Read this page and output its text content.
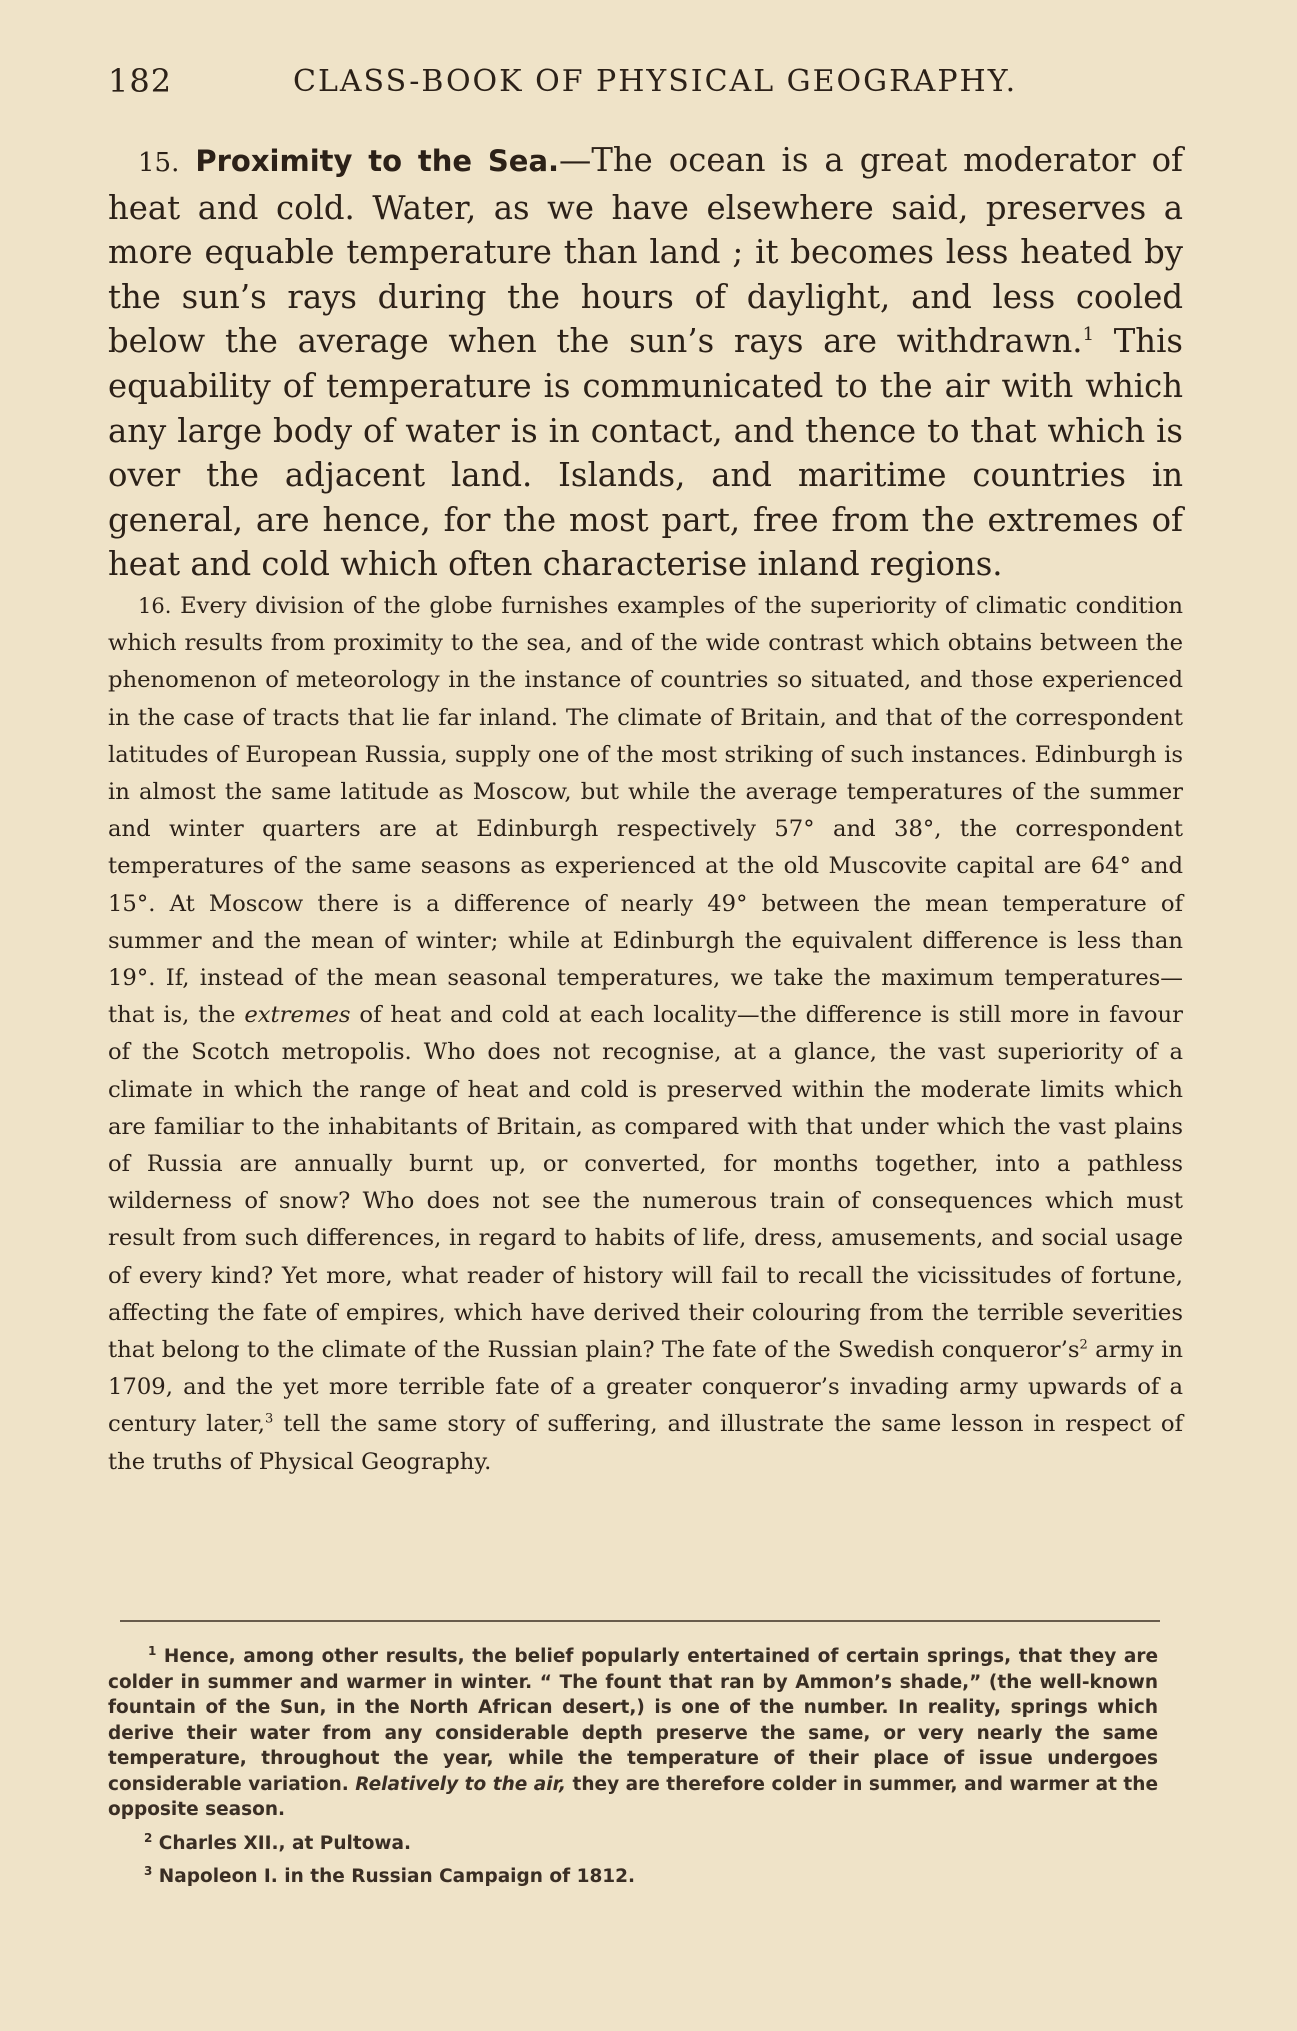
182	CLASS-BOOK OF PHYSICAL GEOGRAPHY.

15. Proximity to the Sea.—The ocean is a great moderator of heat and cold. Water, as we have elsewhere said, preserves a more equable temperature than land ; it becomes less heated by the sun’s rays during the hours of daylight, and less cooled below the average when the sun’s rays are withdrawn.$^1$ This equability of temperature is communicated to the air with which any large body of water is in contact, and thence to that which is over the adjacent land. Islands, and maritime countries in general, are hence, for the most part, free from the extremes of heat and cold which often characterise inland regions.

16. Every division of the globe furnishes examples of the superiority of climatic condition which results from proximity to the sea, and of the wide contrast which obtains between the phenomenon of meteorology in the instance of countries so situated, and those experienced in the case of tracts that lie far inland. The climate of Britain, and that of the correspondent latitudes of European Russia, supply one of the most striking of such instances. Edinburgh is in almost the same latitude as Moscow, but while the average temperatures of the summer and winter quarters are at Edinburgh respectively 57° and 38°, the correspondent temperatures of the same seasons as experienced at the old Muscovite capital are 64° and 15°. At Moscow there is a difference of nearly 49° between the mean temperature of summer and the mean of winter; while at Edinburgh the equivalent difference is less than 19°. If, instead of the mean seasonal temperatures, we take the maximum temperatures—that is, the extremes of heat and cold at each locality—the difference is still more in favour of the Scotch metropolis. Who does not recognise, at a glance, the vast superiority of a climate in which the range of heat and cold is preserved within the moderate limits which are familiar to the inhabitants of Britain, as compared with that under which the vast plains of Russia are annually burnt up, or converted, for months together, into a pathless wilderness of snow? Who does not see the numerous train of consequences which must result from such differences, in regard to habits of life, dress, amusements, and social usage of every kind? Yet more, what reader of history will fail to recall the vicissitudes of fortune, affecting the fate of empires, which have derived their colouring from the terrible severities that belong to the climate of the Russian plain? The fate of the Swedish $conqueror’s^2$ army in 1709, and the yet more terrible fate of a greater conqueror’s invading army upwards of a century later,$^3$ tell the same story of suffering, and illustrate the same lesson in respect of the truths of Physical Geography.

$^1$ Hence, among other results, the belief popularly entertained of certain springs, that they are colder in summer and warmer in winter. “ The fount that ran by Ammon’s shade,” (the well-known fountain of the Sun, in the North African desert,) is one of the number. In reality, springs which derive their water from any considerable depth preserve the same, or very nearly the same temperature, throughout the year, while the temperature of their place of issue undergoes considerable variation. Relatively to the air, they are therefore colder in summer, and warmer at the opposite season.

$^2$ Charles XII., at Pultowa.

$^3$ Napoleon I. in the Russian Campaign of 1812.
